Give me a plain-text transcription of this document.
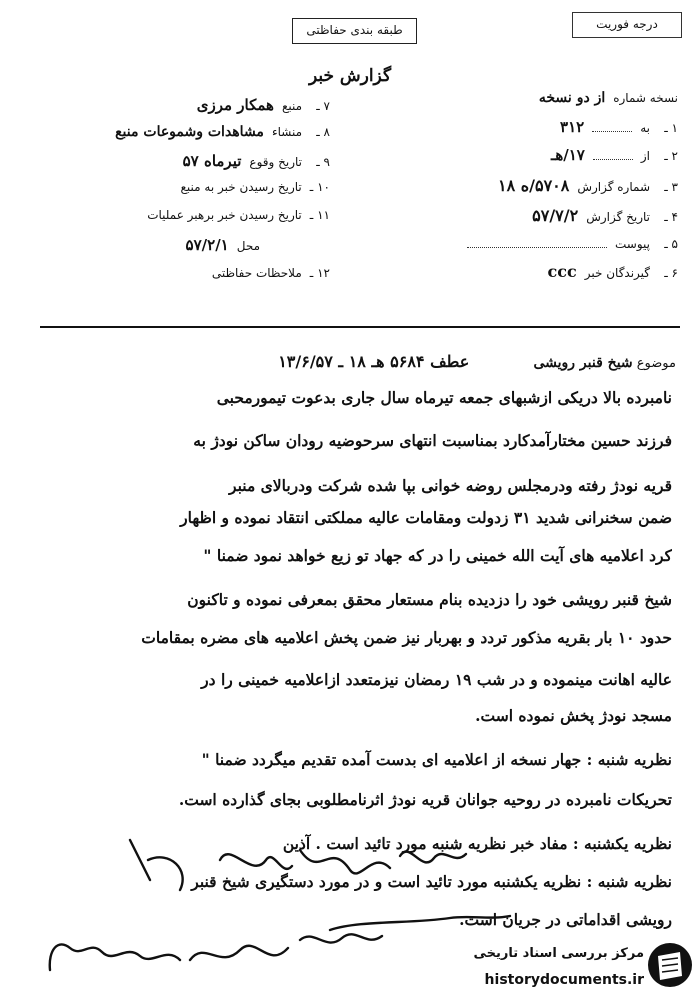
درجه فوریت
طبقه بندی حفاظتی
گزارش خبر
نسخه شماره
از دو نسخه
۱ ـ
به
۳۱۲
۲ ـ
از
۱۷/هـ
۳ ـ
شماره گزارش
۵۷۰۸/ه ۱۸
۴ ـ
تاریخ گزارش
۵۷/۷/۲
۵ ـ
پیوست
۶ ـ
گیرندگان خبر
ccc
۷ ـ
منبع
همکار مرزی
۸ ـ
منشاء
مشاهدات وشموعات منبع
۹ ـ
تاریخ وقوع
تیرماه ۵۷
۱۰ ـ
تاریخ رسیدن خبر به منبع
۱۱ ـ
تاریخ رسیدن خبر برهبر عملیات
محل
۵۷/۲/۱
۱۲ ـ
ملاحظات حفاظتی
موضوع شیخ قنبر رویشی عطف ۵۶۸۴ هـ ۱۸ ـ ۱۳/۶/۵۷
نامبرده بالا دریکی ازشبهای جمعه تیرماه سال جاری بدعوت تیمورمحبی
فرزند حسین مختارآمدکارد بمناسبت انتهای سرحوضیه رودان ساکن نودژ به
قریه نودژ رفته ودرمجلس روضه خوانی بپا شده شرکت ودربالای منبر
ضمن سخنرانی شدید ۳۱ زدولت ومقامات عالیه مملکتی انتقاد نموده و اظهار
کرد اعلامیه های آیت الله خمینی را در که جهاد تو زیع خواهد نمود ضمنا "
شیخ قنبر رویشی خود را دزدیده بنام مستعار محقق بمعرفی نموده و تاکنون
حدود ۱۰ بار بقریه مذکور تردد و بهربار نیز ضمن پخش اعلامیه های مضره بمقامات
عالیه اهانت مینموده و در شب ۱۹ رمضان نیزمتعدد ازاعلامیه خمینی را در
مسجد نودژ پخش نموده است.
نظریه شنبه : جهار نسخه از اعلامیه ای بدست آمده تقدیم میگردد ضمنا "
تحریکات نامبرده در روحیه جوانان قریه نودژ اثرنامطلوبی بجای گذارده است.
نظریه یکشنبه : مفاد خبر نظریه شنبه مورد تائید است . آذین
نظریه شنبه : نظریه یکشنبه مورد تائید است و در مورد دستگیری شیخ قنبر
رویشی اقداماتی در جریان است.
مرکز بررسی اسناد تاریخی
historydocuments.ir
